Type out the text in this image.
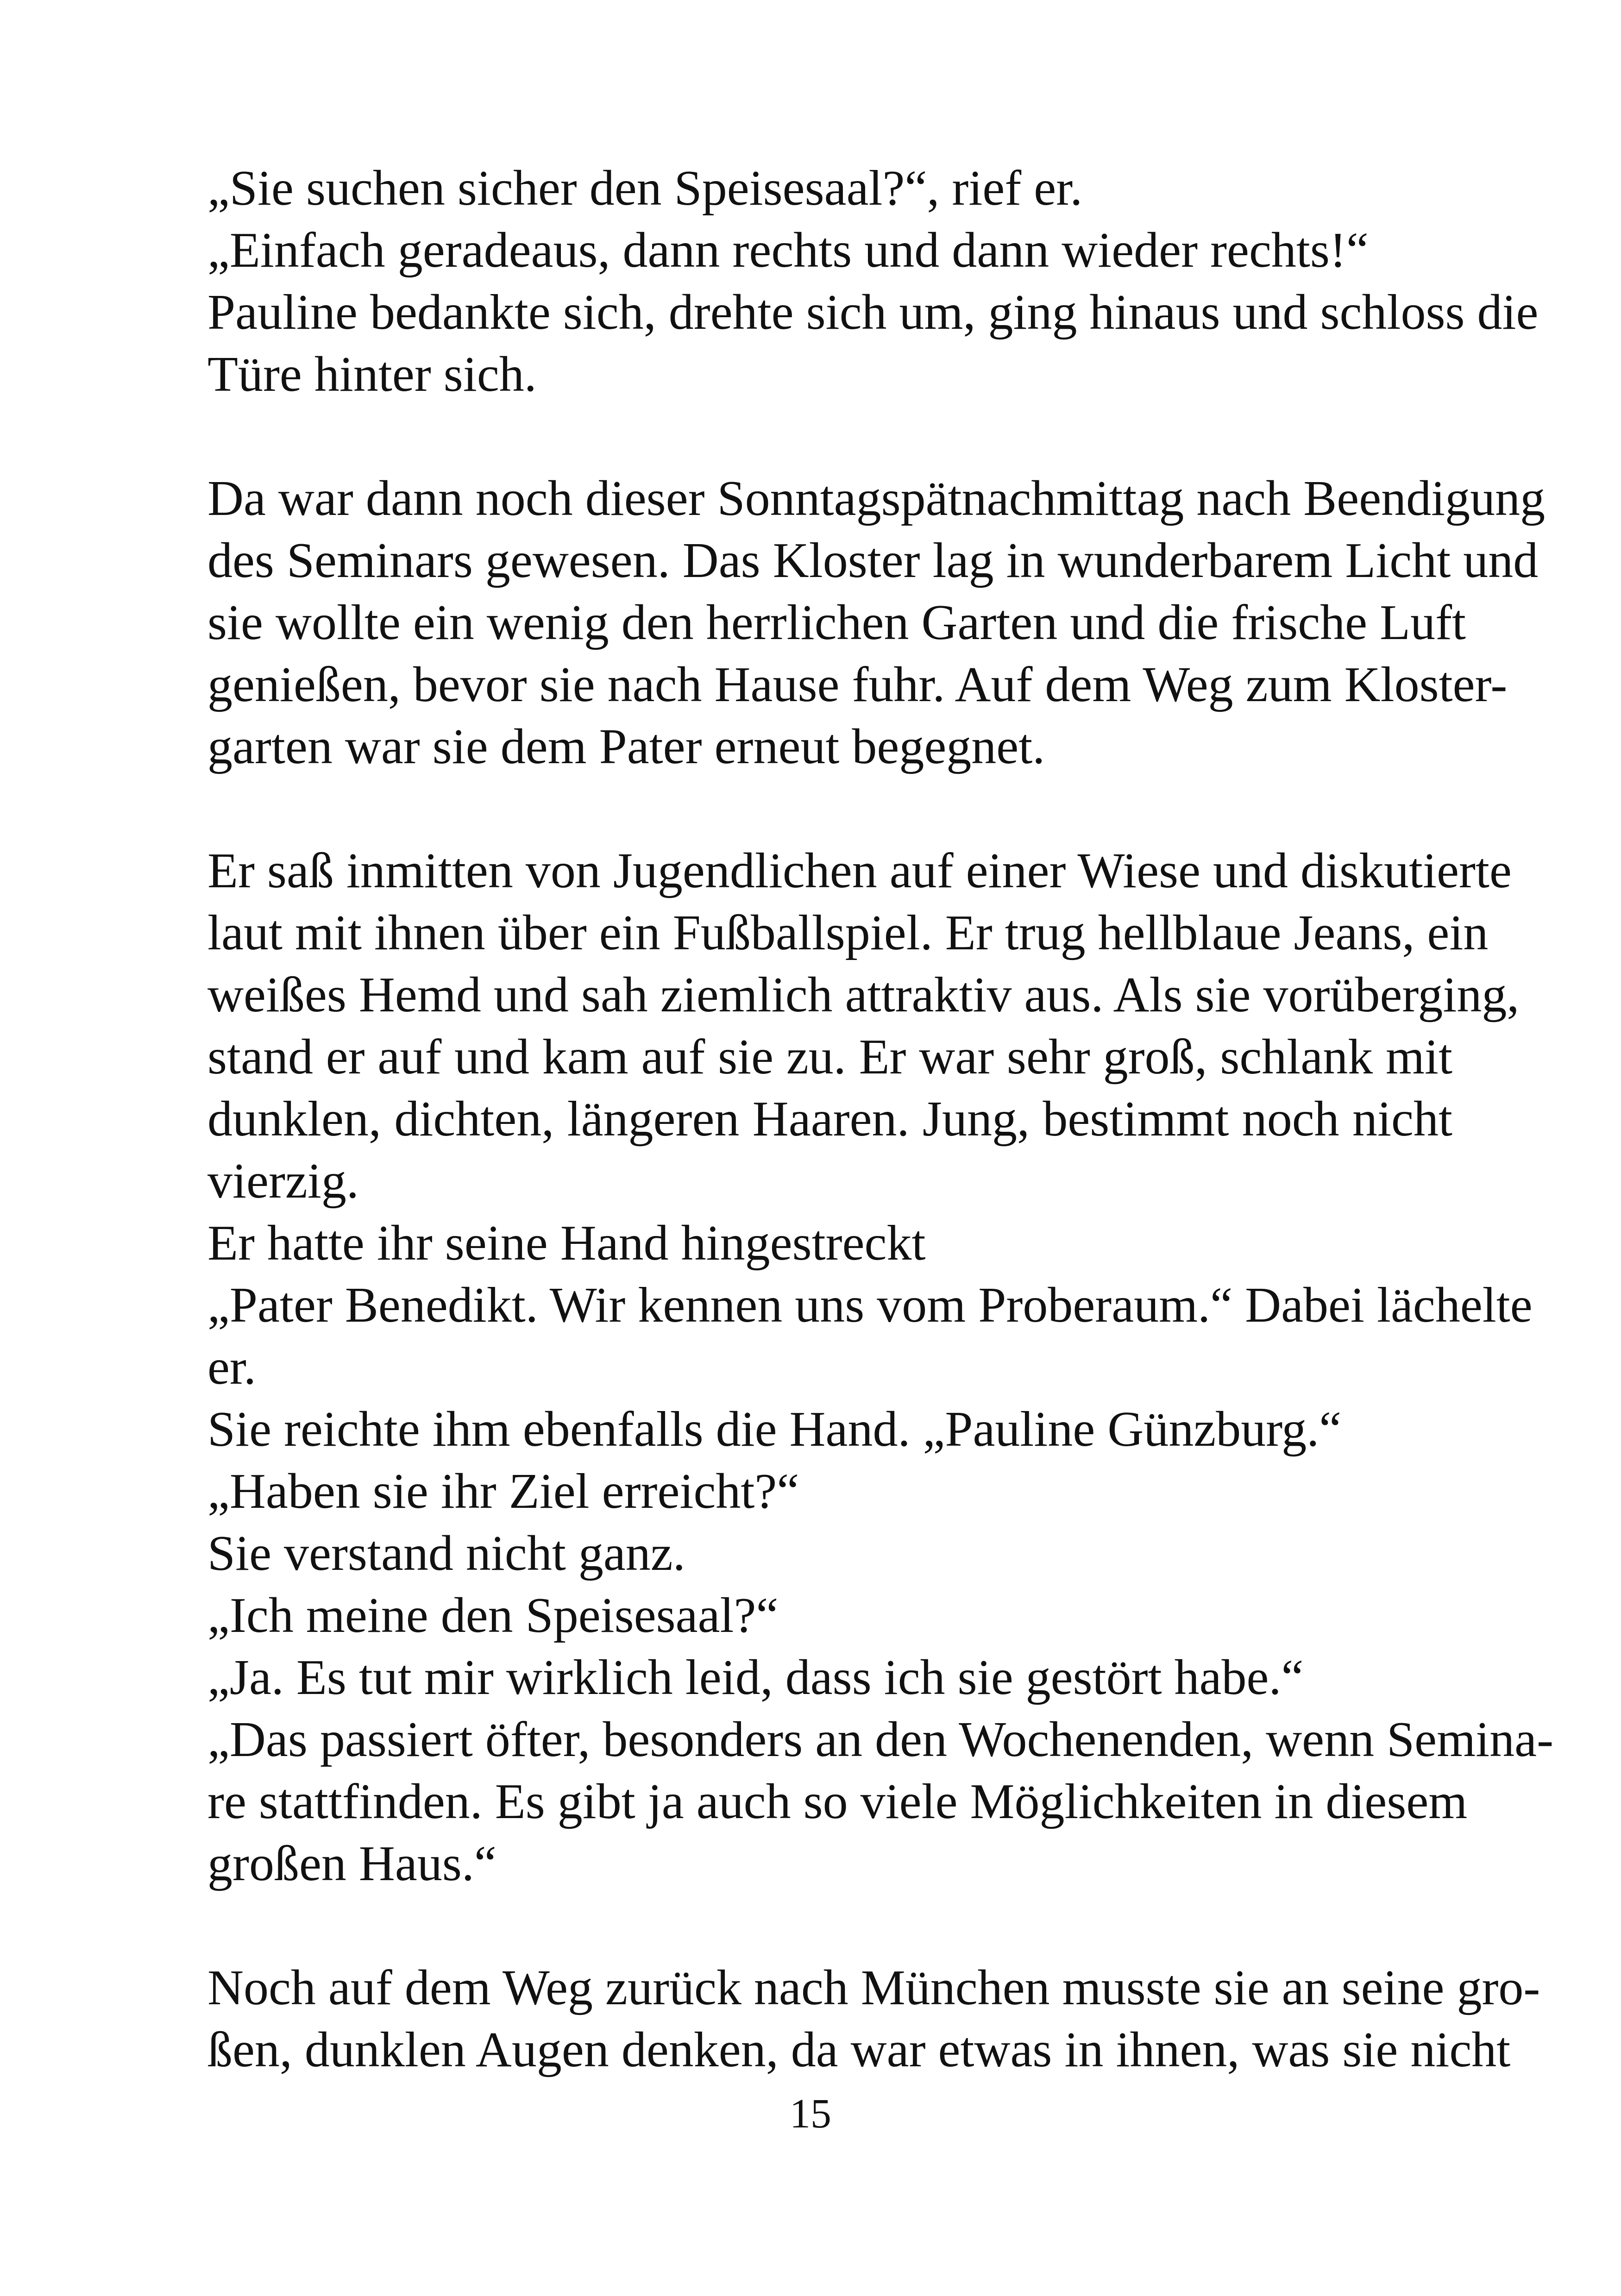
„Sie suchen sicher den Speisesaal?“, rief er.
„Einfach geradeaus, dann rechts und dann wieder rechts!“
Pauline bedankte sich, drehte sich um, ging hinaus und schloss die
Türe hinter sich.
Da war dann noch dieser Sonntagspätnachmittag nach Beendigung
des Seminars gewesen. Das Kloster lag in wunderbarem Licht und
sie wollte ein wenig den herrlichen Garten und die frische Luft
genießen, bevor sie nach Hause fuhr. Auf dem Weg zum Kloster-
garten war sie dem Pater erneut begegnet.
Er saß inmitten von Jugendlichen auf einer Wiese und diskutierte
laut mit ihnen über ein Fußballspiel. Er trug hellblaue Jeans, ein
weißes Hemd und sah ziemlich attraktiv aus. Als sie vorüberging,
stand er auf und kam auf sie zu. Er war sehr groß, schlank mit
dunklen, dichten, längeren Haaren. Jung, bestimmt noch nicht
vierzig.
Er hatte ihr seine Hand hingestreckt
„Pater Benedikt. Wir kennen uns vom Proberaum.“ Dabei lächelte
er.
Sie reichte ihm ebenfalls die Hand. „Pauline Günzburg.“
„Haben sie ihr Ziel erreicht?“
Sie verstand nicht ganz.
„Ich meine den Speisesaal?“
„Ja. Es tut mir wirklich leid, dass ich sie gestört habe.“
„Das passiert öfter, besonders an den Wochenenden, wenn Semina-
re stattfinden. Es gibt ja auch so viele Möglichkeiten in diesem
großen Haus.“
Noch auf dem Weg zurück nach München musste sie an seine gro-
ßen, dunklen Augen denken, da war etwas in ihnen, was sie nicht
15
